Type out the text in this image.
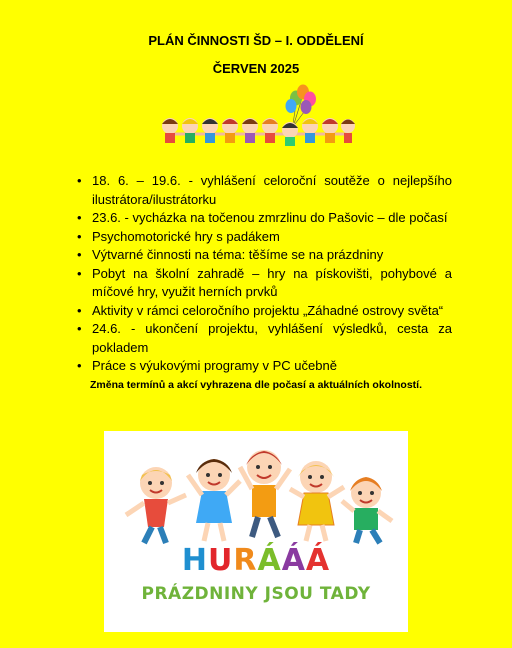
PLÁN ČINNOSTI ŠD – I. ODDĚLENÍ
ČERVEN 2025
• 18. 6. – 19.6. - vyhlášení celoroční soutěže o nejlepšího ilustrátora/ilustrátorku
• 23.6. - vycházka na točenou zmrzlinu do Pašovic – dle počasí
• Psychomotorické hry s padákem
• Výtvarné činnosti na téma: těšíme se na prázdniny
• Pobyt na školní zahradě – hry na pískovišti, pohybové a míčové hry, využit herních prvků
• Aktivity v rámci celoročního projektu „Záhadné ostrovy světa“
• 24.6. - ukončení projektu, vyhlášení výsledků, cesta za pokladem
• Práce s výukovými programy v PC učebně
Změna termínů a akcí vyhrazena dle počasí a aktuálních okolností.
HURÁÁÁ
PRÁZDNINY JSOU TADY
